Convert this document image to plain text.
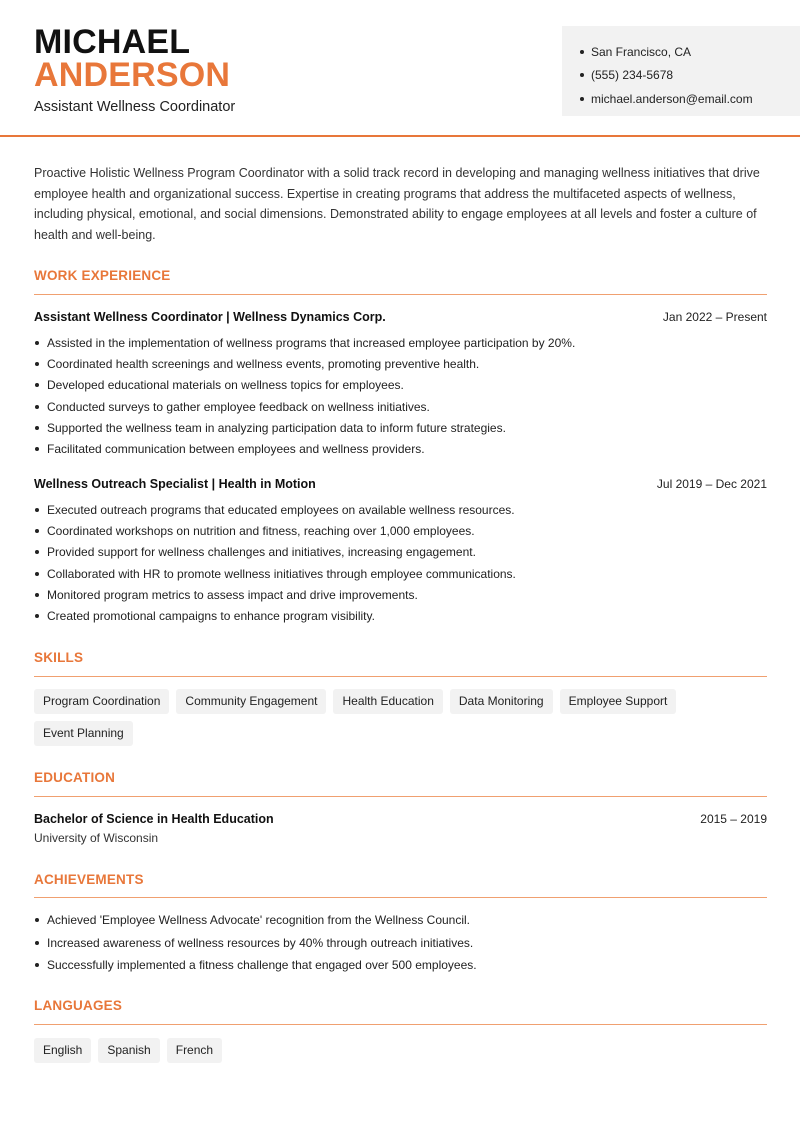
MICHAEL
ANDERSON
Assistant Wellness Coordinator
San Francisco, CA
(555) 234-5678
michael.anderson@email.com

Proactive Holistic Wellness Program Coordinator with a solid track record in developing and managing wellness initiatives that drive employee health and organizational success. Expertise in creating programs that address the multifaceted aspects of wellness, including physical, emotional, and social dimensions. Demonstrated ability to engage employees at all levels and foster a culture of health and well-being.

WORK EXPERIENCE
Assistant Wellness Coordinator | Wellness Dynamics Corp.	Jan 2022 – Present
Assisted in the implementation of wellness programs that increased employee participation by 20%.
Coordinated health screenings and wellness events, promoting preventive health.
Developed educational materials on wellness topics for employees.
Conducted surveys to gather employee feedback on wellness initiatives.
Supported the wellness team in analyzing participation data to inform future strategies.
Facilitated communication between employees and wellness providers.
Wellness Outreach Specialist | Health in Motion	Jul 2019 – Dec 2021
Executed outreach programs that educated employees on available wellness resources.
Coordinated workshops on nutrition and fitness, reaching over 1,000 employees.
Provided support for wellness challenges and initiatives, increasing engagement.
Collaborated with HR to promote wellness initiatives through employee communications.
Monitored program metrics to assess impact and drive improvements.
Created promotional campaigns to enhance program visibility.
SKILLS
Program Coordination	Community Engagement	Health Education	Data Monitoring	Employee Support
Event Planning
EDUCATION
Bachelor of Science in Health Education	2015 – 2019
University of Wisconsin
ACHIEVEMENTS
Achieved 'Employee Wellness Advocate' recognition from the Wellness Council.
Increased awareness of wellness resources by 40% through outreach initiatives.
Successfully implemented a fitness challenge that engaged over 500 employees.
LANGUAGES
English	Spanish	French
